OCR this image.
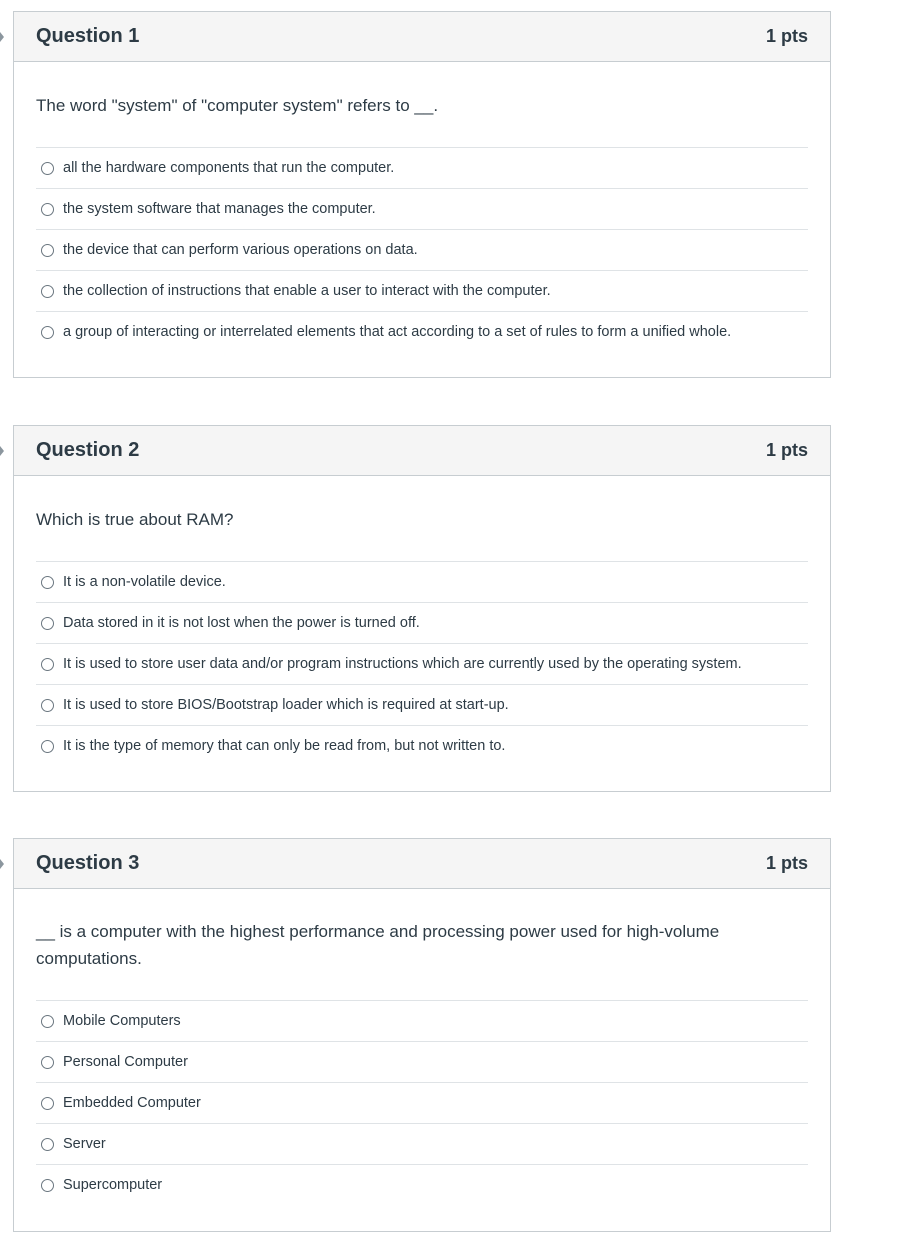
Question 1	1 pts

The word "system" of "computer system" refers to __.

all the hardware components that run the computer.
the system software that manages the computer.
the device that can perform various operations on data.
the collection of instructions that enable a user to interact with the computer.
a group of interacting or interrelated elements that act according to a set of rules to form a unified whole.
Question 2	1 pts

Which is true about RAM?

It is a non-volatile device.
Data stored in it is not lost when the power is turned off.
It is used to store user data and/or program instructions which are currently used by the operating system.
It is used to store BIOS/Bootstrap loader which is required at start-up.
It is the type of memory that can only be read from, but not written to.
Question 3	1 pts

__ is a computer with the highest performance and processing power used for high-volume computations.

Mobile Computers
Personal Computer
Embedded Computer
Server
Supercomputer
